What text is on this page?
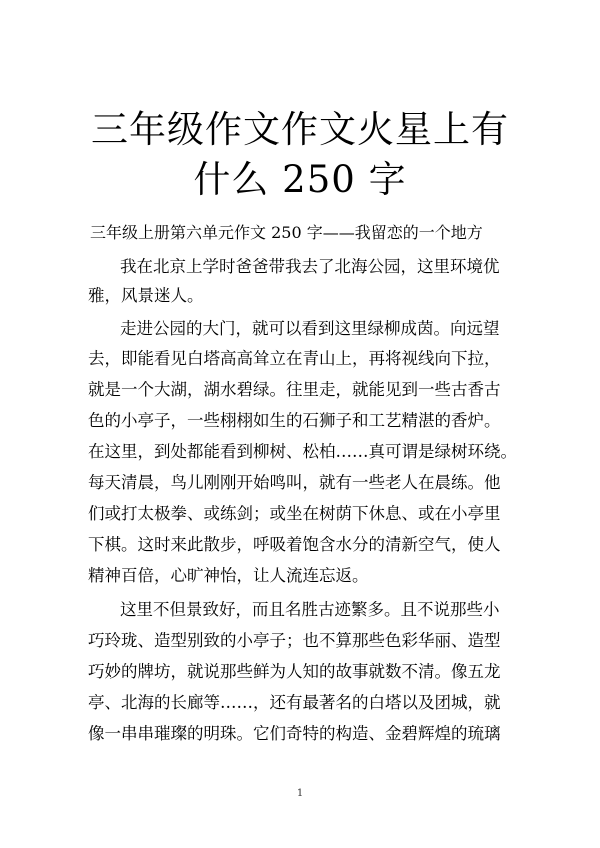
三年级作文作文火星上有
什么 250 字
三年级上册第六单元作文 250 字——我留恋的一个地方
我在北京上学时爸爸带我去了北海公园，这里环境优
雅，风景迷人。
走进公园的大门，就可以看到这里绿柳成茵。向远望
去，即能看见白塔高高耸立在青山上，再将视线向下拉，
就是一个大湖，湖水碧绿。往里走，就能见到一些古香古
色的小亭子，一些栩栩如生的石狮子和工艺精湛的香炉。
在这里，到处都能看到柳树、松柏……真可谓是绿树环绕。
每天清晨，鸟儿刚刚开始鸣叫，就有一些老人在晨练。他
们或打太极拳、或练剑；或坐在树荫下休息、或在小亭里
下棋。这时来此散步，呼吸着饱含水分的清新空气，使人
精神百倍，心旷神怡，让人流连忘返。
这里不但景致好，而且名胜古迹繁多。且不说那些小
巧玲珑、造型别致的小亭子；也不算那些色彩华丽、造型
巧妙的牌坊，就说那些鲜为人知的故事就数不清。像五龙
亭、北海的长廊等……，还有最著名的白塔以及团城，就
像一串串璀璨的明珠。它们奇特的构造、金碧辉煌的琉璃
1
